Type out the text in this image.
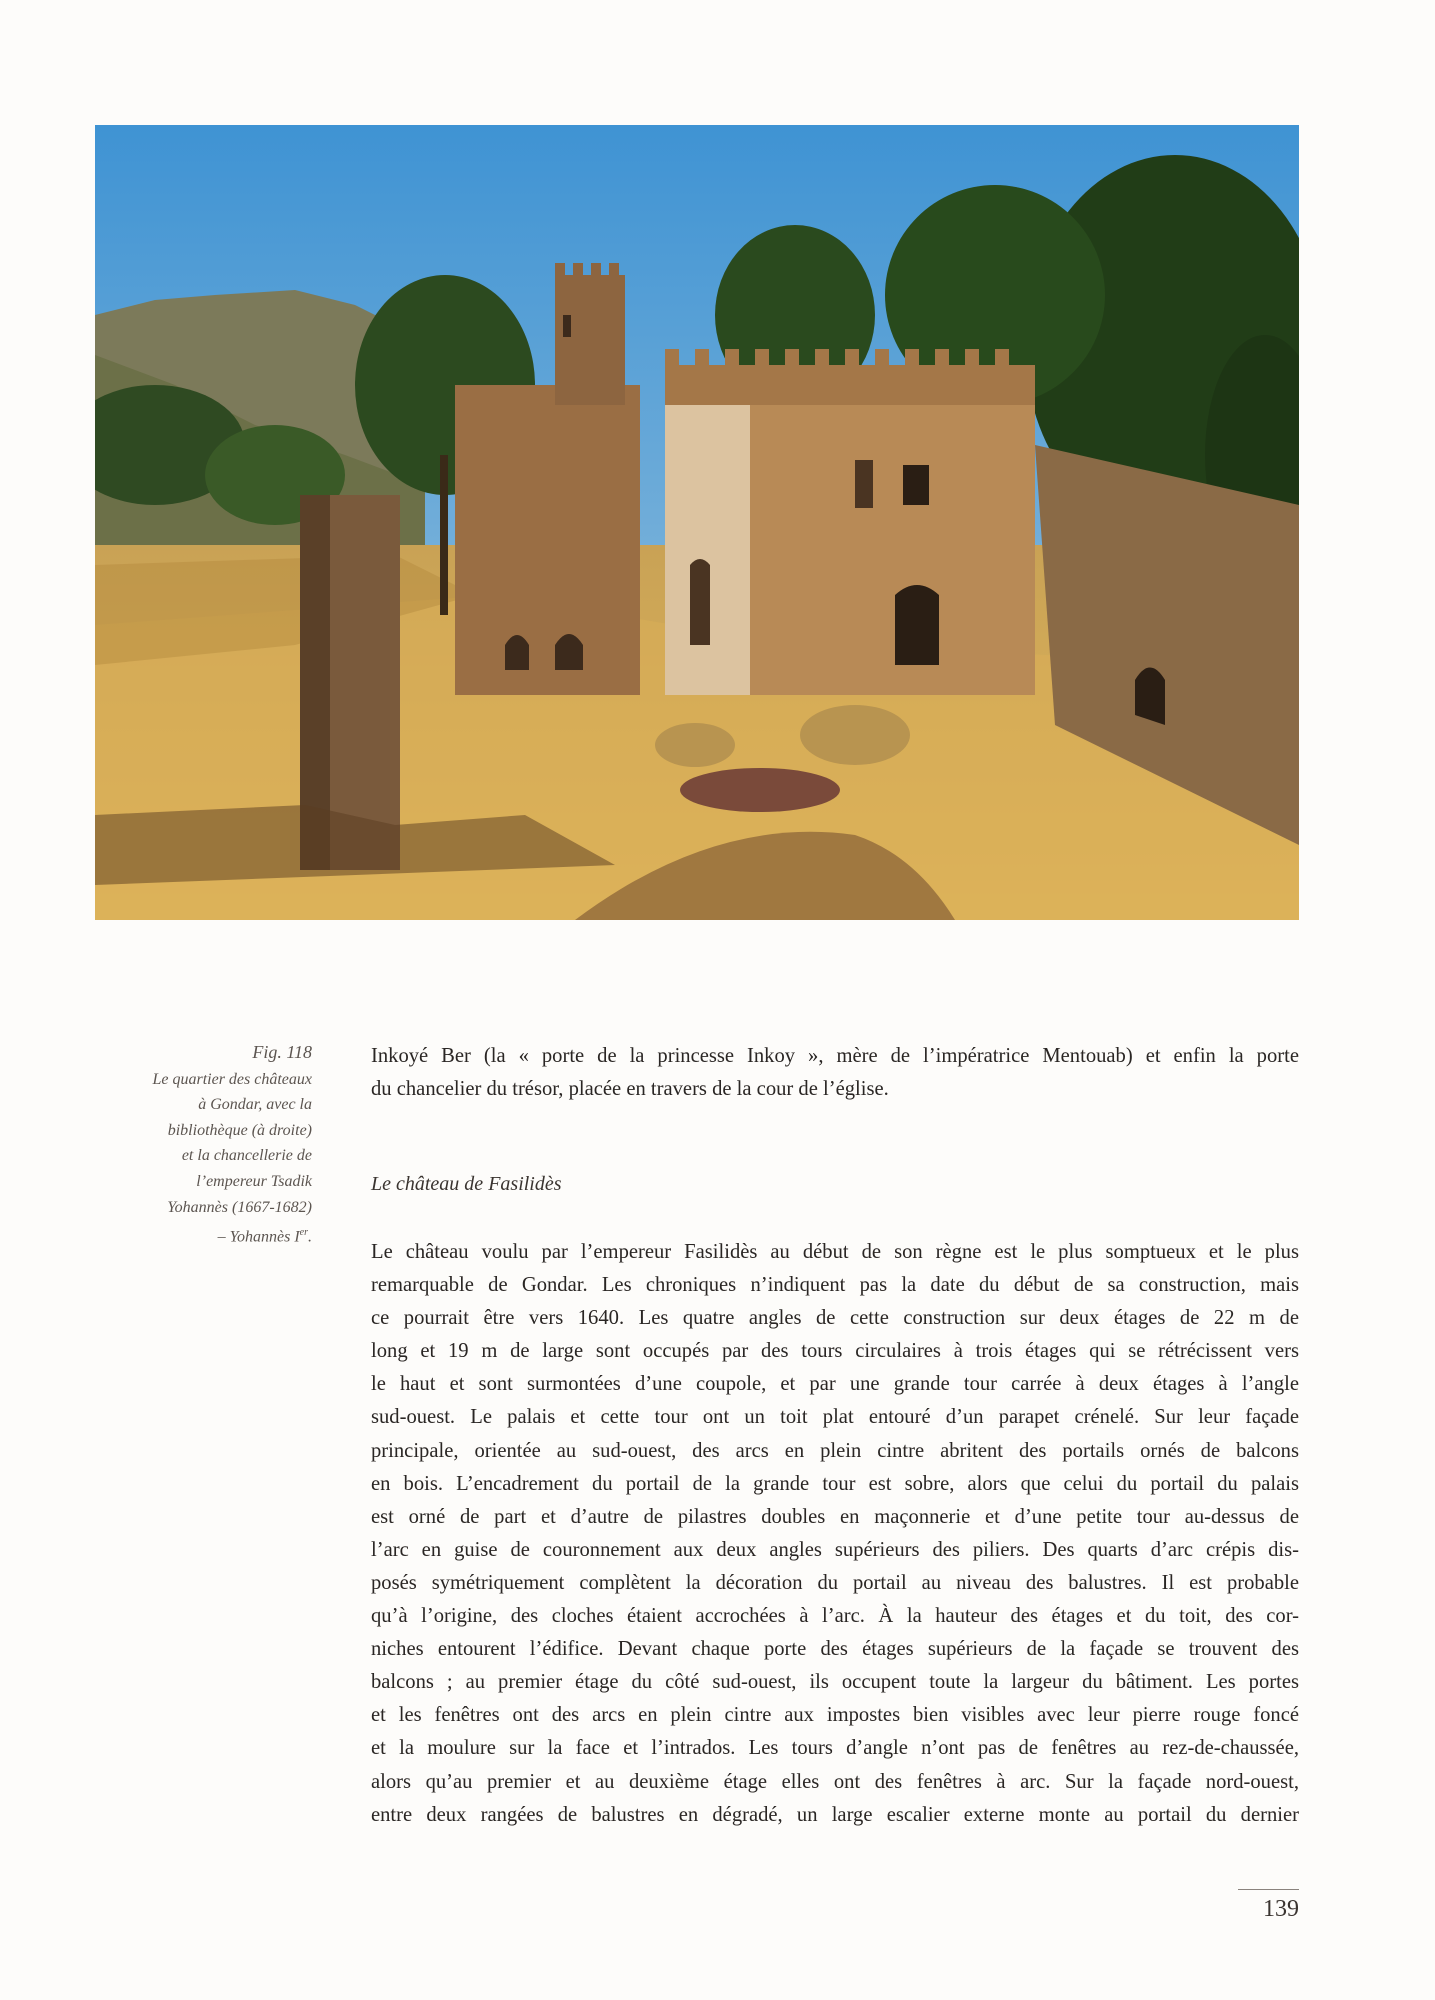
Fig. 118
Le quartier des châteaux
à Gondar, avec la
bibliothèque (à droite)
et la chancellerie de
l’empereur Tsadik
Yohannès (1667-1682)
– Yohannès Ier.
Inkoyé Ber (la « porte de la princesse Inkoy », mère de l’impératrice Mentouab) et enfin la porte
du chancelier du trésor, placée en travers de la cour de l’église.
Le château de Fasilidès
Le château voulu par l’empereur Fasilidès au début de son règne est le plus somptueux et le plus
remarquable de Gondar. Les chroniques n’indiquent pas la date du début de sa construction, mais
ce pourrait être vers 1640. Les quatre angles de cette construction sur deux étages de 22 m de
long et 19 m de large sont occupés par des tours circulaires à trois étages qui se rétrécissent vers
le haut et sont surmontées d’une coupole, et par une grande tour carrée à deux étages à l’angle
sud-ouest. Le palais et cette tour ont un toit plat entouré d’un parapet crénelé. Sur leur façade
principale, orientée au sud-ouest, des arcs en plein cintre abritent des portails ornés de balcons
en bois. L’encadrement du portail de la grande tour est sobre, alors que celui du portail du palais
est orné de part et d’autre de pilastres doubles en maçonnerie et d’une petite tour au-dessus de
l’arc en guise de couronnement aux deux angles supérieurs des piliers. Des quarts d’arc crépis dis-
posés symétriquement complètent la décoration du portail au niveau des balustres. Il est probable
qu’à l’origine, des cloches étaient accrochées à l’arc. À la hauteur des étages et du toit, des cor-
niches entourent l’édifice. Devant chaque porte des étages supérieurs de la façade se trouvent des
balcons ; au premier étage du côté sud-ouest, ils occupent toute la largeur du bâtiment. Les portes
et les fenêtres ont des arcs en plein cintre aux impostes bien visibles avec leur pierre rouge foncé
et la moulure sur la face et l’intrados. Les tours d’angle n’ont pas de fenêtres au rez-de-chaussée,
alors qu’au premier et au deuxième étage elles ont des fenêtres à arc. Sur la façade nord-ouest,
entre deux rangées de balustres en dégradé, un large escalier externe monte au portail du dernier
139
